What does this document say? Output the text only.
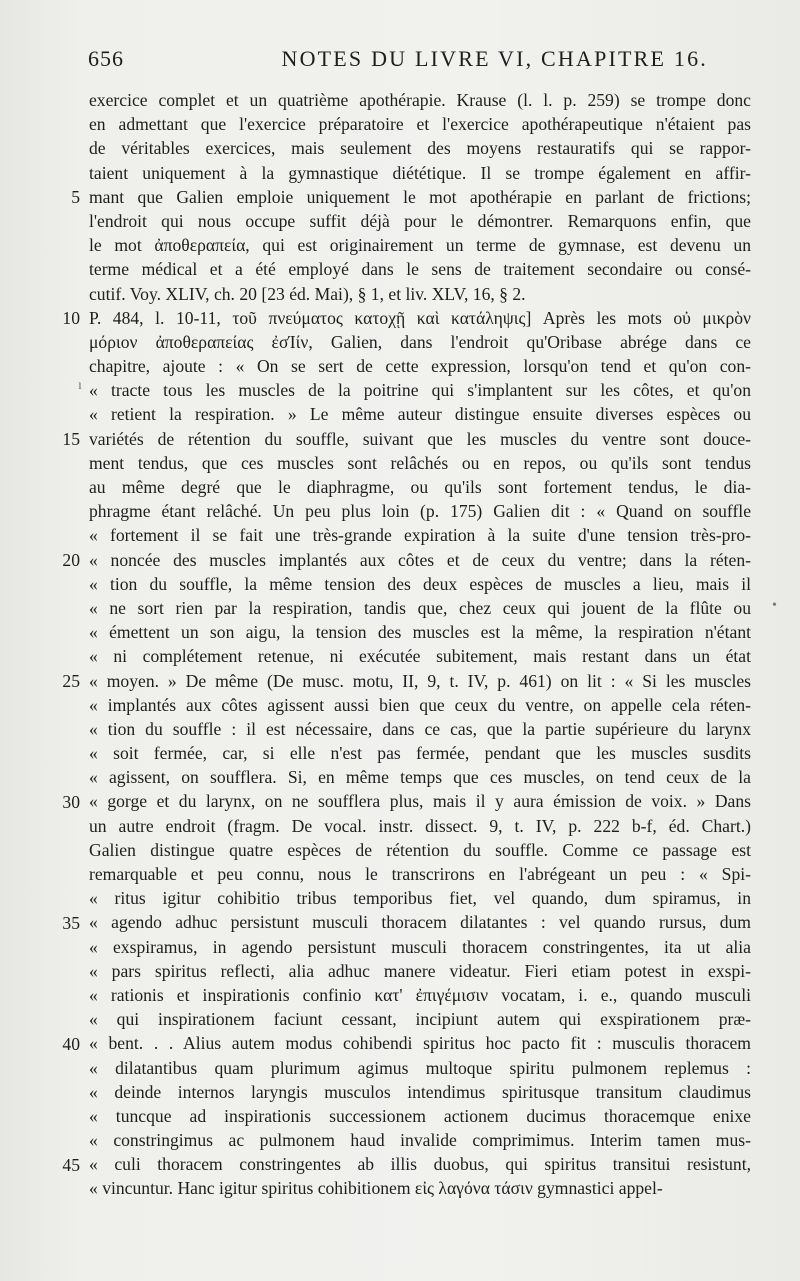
656	NOTES DU LIVRE VI, CHAPITRE 16.
ı
•
exercice complet et un quatrième apothérapie. Krause (l. l. p. 259) se trompe donc
en admettant que l'exercice préparatoire et l'exercice apothérapeutique n'étaient pas
de véritables exercices, mais seulement des moyens restauratifs qui se rappor-
taient uniquement à la gymnastique diététique. Il se trompe également en affir-
mant que Galien emploie uniquement le mot apothérapie en parlant de frictions;
l'endroit qui nous occupe suffit déjà pour le démontrer. Remarquons enfin, que
le mot ἀποθεραπεία, qui est originairement un terme de gymnase, est devenu un
terme médical et a été employé dans le sens de traitement secondaire ou consé-
cutif. Voy. XLIV, ch. 20 [23 éd. Mai), § 1, et liv. XLV, 16, § 2.
P. 484, l. 10-11, τοῦ πνεύματος κατοχῇ καὶ κατάληψις] Après les mots οὐ μικρὸν
μόριον ἀποθεραπείας ἐσΊίν, Galien, dans l'endroit qu'Oribase abrége dans ce
chapitre, ajoute : « On se sert de cette expression, lorsqu'on tend et qu'on con-
« tracte tous les muscles de la poitrine qui s'implantent sur les côtes, et qu'on
« retient la respiration. » Le même auteur distingue ensuite diverses espèces ou
variétés de rétention du souffle, suivant que les muscles du ventre sont douce-
ment tendus, que ces muscles sont relâchés ou en repos, ou qu'ils sont tendus
au même degré que le diaphragme, ou qu'ils sont fortement tendus, le dia-
phragme étant relâché. Un peu plus loin (p. 175) Galien dit : « Quand on souffle
« fortement il se fait une très-grande expiration à la suite d'une tension très-pro-
« noncée des muscles implantés aux côtes et de ceux du ventre; dans la réten-
« tion du souffle, la même tension des deux espèces de muscles a lieu, mais il
« ne sort rien par la respiration, tandis que, chez ceux qui jouent de la flûte ou
« émettent un son aigu, la tension des muscles est la même, la respiration n'étant
« ni complétement retenue, ni exécutée subitement, mais restant dans un état
« moyen. » De même (De musc. motu, II, 9, t. IV, p. 461) on lit : « Si les muscles
« implantés aux côtes agissent aussi bien que ceux du ventre, on appelle cela réten-
« tion du souffle : il est nécessaire, dans ce cas, que la partie supérieure du larynx
« soit fermée, car, si elle n'est pas fermée, pendant que les muscles susdits
« agissent, on soufflera. Si, en même temps que ces muscles, on tend ceux de la
« gorge et du larynx, on ne soufflera plus, mais il y aura émission de voix. » Dans
un autre endroit (fragm. De vocal. instr. dissect. 9, t. IV, p. 222 b-f, éd. Chart.)
Galien distingue quatre espèces de rétention du souffle. Comme ce passage est
remarquable et peu connu, nous le transcrirons en l'abrégeant un peu : « Spi-
« ritus igitur cohibitio tribus temporibus fiet, vel quando, dum spiramus, in
« agendo adhuc persistunt musculi thoracem dilatantes : vel quando rursus, dum
« exspiramus, in agendo persistunt musculi thoracem constringentes, ita ut alia
« pars spiritus reflecti, alia adhuc manere videatur. Fieri etiam potest in exspi-
« rationis et inspirationis confinio κατ' ἐπιγέμισιν vocatam, i. e., quando musculi
« qui inspirationem faciunt cessant, incipiunt autem qui exspirationem præ-
« bent. . . Alius autem modus cohibendi spiritus hoc pacto fit : musculis thoracem
« dilatantibus quam plurimum agimus multoque spiritu pulmonem replemus :
« deinde internos laryngis musculos intendimus spiritusque transitum claudimus
« tuncque ad inspirationis successionem actionem ducimus thoracemque enixe
« constringimus ac pulmonem haud invalide comprimimus. Interim tamen mus-
« culi thoracem constringentes ab illis duobus, qui spiritus transitui resistunt,
« vincuntur. Hanc igitur spiritus cohibitionem εἰς λαγόνα τάσιν gymnastici appel-
5
10
15
20
25
30
35
40
45
